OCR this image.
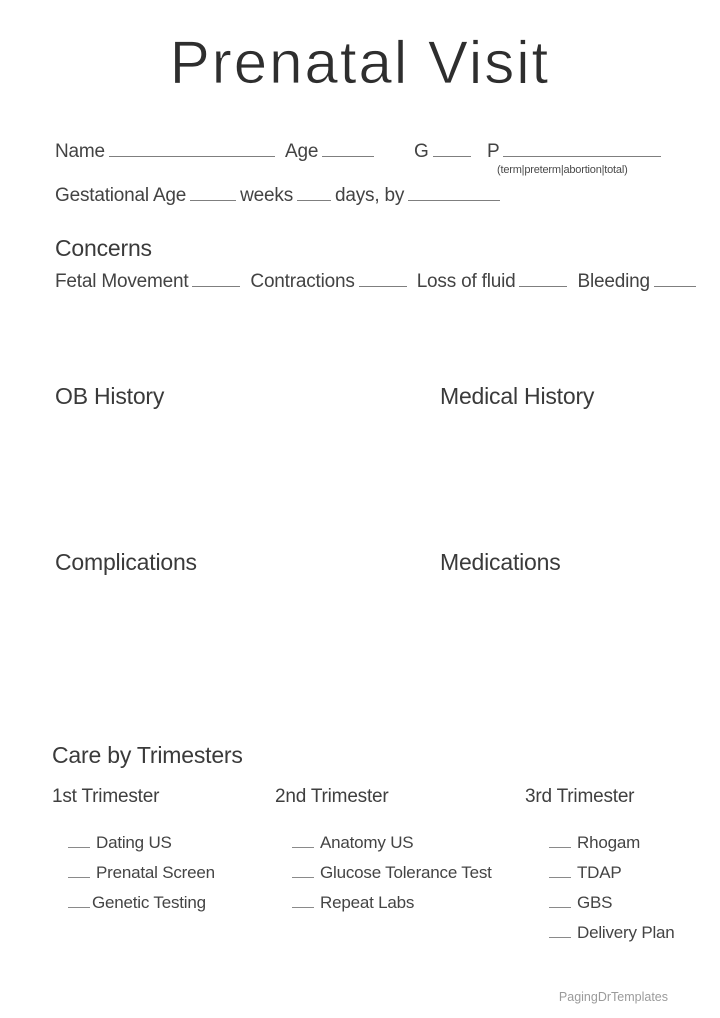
Prenatal Visit
Name	Age	G	P
(term|preterm|abortion|total)
Gestational Age	weeks days, by
Concerns
Fetal Movement	Contractions	Loss of fluid	Bleeding
OB History	Medical History
Complications	Medications
Care by Trimesters
1st Trimester	2nd Trimester	3rd Trimester
Dating US
Prenatal Screen
Genetic Testing
Anatomy US
Glucose Tolerance Test
Repeat Labs
Rhogam
TDAP
GBS
Delivery Plan
PagingDrTemplates
